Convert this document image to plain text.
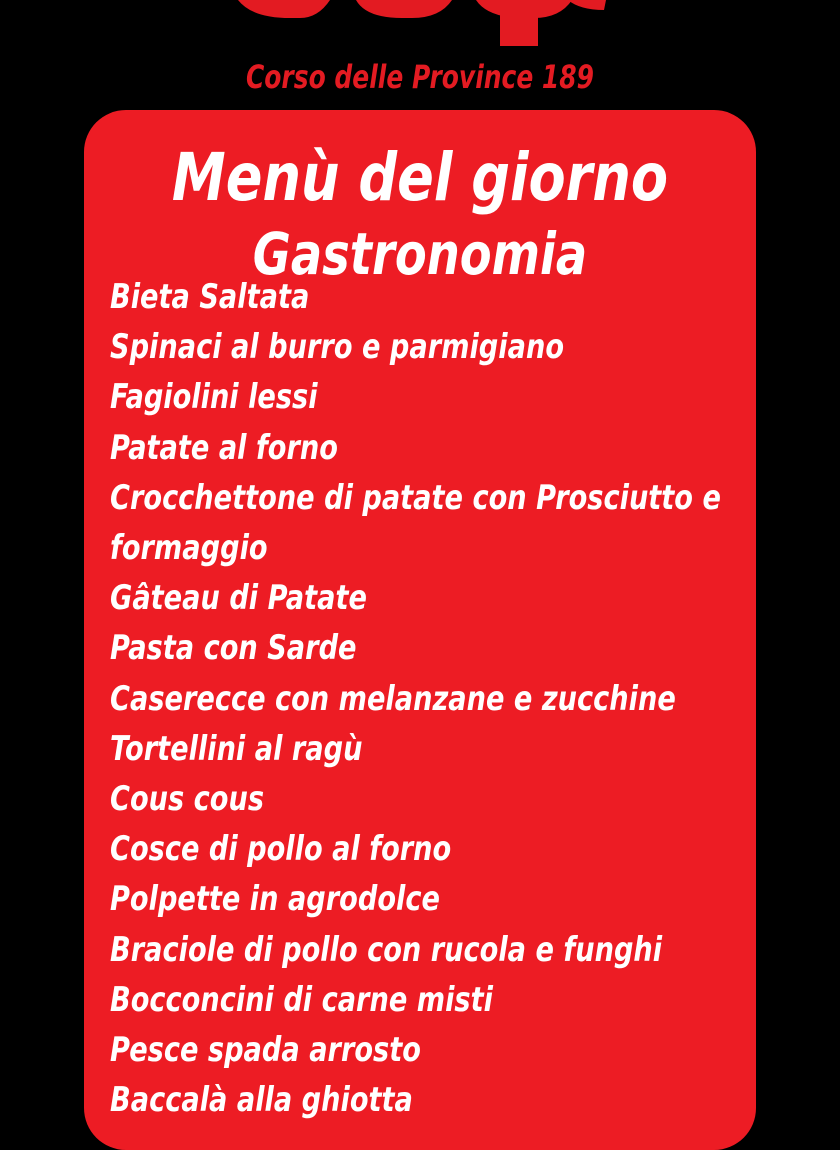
Corso delle Province 189
Menù del giorno
Gastronomia
Bieta Saltata
Spinaci al burro e parmigiano
Fagiolini lessi
Patate al forno
Crocchettone di patate con Prosciutto e
formaggio
Gâteau di Patate
Pasta con Sarde
Caserecce con melanzane e zucchine
Tortellini al ragù
Cous cous
Cosce di pollo al forno
Polpette in agrodolce
Braciole di pollo con rucola e funghi
Bocconcini di carne misti
Pesce spada arrosto
Baccalà alla ghiotta
